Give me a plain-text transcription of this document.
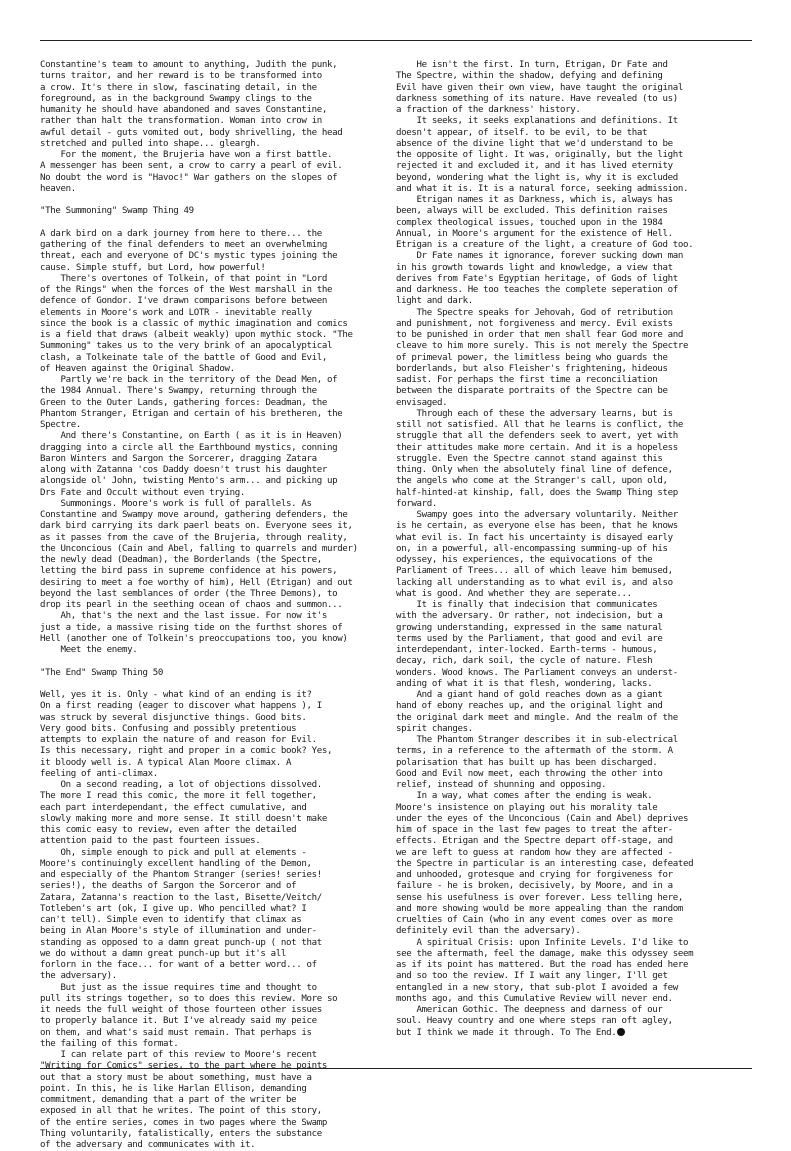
Constantine's team to amount to anything, Judith the punk,
turns traitor, and her reward is to be transformed into
a crow. It's there in slow, fascinating detail, in the
foreground, as in the background Swampy clings to the
humanity he should have abandoned and saves Constantine,
rather than halt the transformation. Woman into crow in
awful detail - guts vomited out, body shrivelling, the head
stretched and pulled into shape... gleargh.

For the moment, the Brujeria have won a first battle.
A messenger has been sent, a crow to carry a pearl of evil.
No doubt the word is "Havoc!" War gathers on the slopes of
heaven.

"The Summoning" Swamp Thing 49

A dark bird on a dark journey from here to there... the
gathering of the final defenders to meet an overwhelming
threat, each and everyone of DC's mystic types joining the
cause. Simple stuff, but Lord, how powerful!

There's overtones of Tolkein, of that point in "Lord
of the Rings" when the forces of the West marshall in the
defence of Gondor. I've drawn comparisons before between
elements in Moore's work and LOTR - inevitable really
since the book is a classic of mythic imagination and comics
is a field that draws (albeit weakly) upon mythic stock. "The
Summoning" takes us to the very brink of an apocalyptical
clash, a Tolkeinate tale of the battle of Good and Evil,
of Heaven against the Original Shadow.

Partly we're back in the territory of the Dead Men, of
the 1984 Annual. There's Swampy, returning through the
Green to the Outer Lands, gathering forces: Deadman, the
Phantom Stranger, Etrigan and certain of his bretheren, the
Spectre.

And there's Constantine, on Earth ( as it is in Heaven)
dragging into a circle all the Earthbound mystics, conning
Baron Winters and Sargon the Sorcerer, dragging Zatara
along with Zatanna 'cos Daddy doesn't trust his daughter
alongside ol' John, twisting Mento's arm... and picking up
Drs Fate and Occult without even trying.

Summonings. Moore's work is full of parallels. As
Constantine and Swampy move around, gathering defenders, the
dark bird carrying its dark paerl beats on. Everyone sees it,
as it passes from the cave of the Brujeria, through reality,
the Unconcious (Cain and Abel, falling to quarrels and murder)
the newly dead (Deadman), the Borderlands (the Spectre,
letting the bird pass in supreme confidence at his powers,
desiring to meet a foe worthy of him), Hell (Etrigan) and out
beyond the last semblances of order (the Three Demons), to
drop its pearl in the seething ocean of chaos and summon...

Ah, that's the next and the last issue. For now it's
just a tide, a massive rising tide on the furthst shores of
Hell (another one of Tolkein's preoccupations too, you know)
Meet the enemy.

"The End" Swamp Thing 50

Well, yes it is. Only - what kind of an ending is it?
On a first reading (eager to discover what happens ), I
was struck by several disjunctive things. Good bits.
Very good bits. Confusing and possibly pretentious
attempts to explain the nature of and reason for Evil.
Is this necessary, right and proper in a comic book? Yes,
it bloody well is. A typical Alan Moore climax. A
feeling of anti-climax.

On a second reading, a lot of objections dissolved.
The more I read this comic, the more it fell together,
each part interdependant, the effect cumulative, and
slowly making more and more sense. It still doesn't make
this comic easy to review, even after the detailed
attention paid to the past fourteen issues.

Oh, simple enough to pick and pull at elements -
Moore's continuingly excellent handling of the Demon,
and especially of the Phantom Stranger (series! series!
series!), the deaths of Sargon the Sorceror and of
Zatara, Zatanna's reaction to the last, Bisette/Veitch/
Totleben's art (ok, I give up. Who pencilled what? I
can't tell). Simple even to identify that climax as
being in Alan Moore's style of illumination and under-
standing as opposed to a damn great punch-up ( not that
we do without a damn great punch-up but it's all
forlorn in the face... for want of a better word... of
the adversary).

But just as the issue requires time and thought to
pull its strings together, so to does this review. More so
it needs the full weight of those fourteen other issues
to properly balance it. But I've already said my peice
on them, and what's said must remain. That perhaps is
the failing of this format.

I can relate part of this review to Moore's recent
"Writing for Comics" series, to the part where he points
out that a story must be about something, must have a
point. In this, he is like Harlan Ellison, demanding
commitment, demanding that a part of the writer be
exposed in all that he writes. The point of this story,
of the entire series, comes in two pages where the Swamp
Thing voluntarily, fatalistically, enters the substance
of the adversary and communicates with it.

He isn't the first. In turn, Etrigan, Dr Fate and
The Spectre, within the shadow, defying and defining
Evil have given their own view, have taught the original
darkness something of its nature. Have revealed (to us)
a fraction of the darkness' history.

It seeks, it seeks explanations and definitions. It
doesn't appear, of itself. to be evil, to be that
absence of the divine light that we'd understand to be
the opposite of light. It was, originally, but the light
rejected it and excluded it, and it has lived eternity
beyond, wondering what the light is, why it is excluded
and what it is. It is a natural force, seeking admission.

Etrigan names it as Darkness, which is, always has
been, always will be excluded. This definition raises
complex theological issues, touched upon in the 1984
Annual, in Moore's argument for the existence of Hell.
Etrigan is a creature of the light, a creature of God too.

Dr Fate names it ignorance, forever sucking down man
in his growth towards light and knowledge, a view that
derives from Fate's Egyptian heritage, of Gods of light
and darkness. He too teaches the complete seperation of
light and dark.

The Spectre speaks for Jehovah, God of retribution
and punishment, not forgiveness and mercy. Evil exists
to be punished in order that men shall fear God more and
cleave to him more surely. This is not merely the Spectre
of primeval power, the limitless being who guards the
borderlands, but also Fleisher's frightening, hideous
sadist. For perhaps the first time a reconciliation
between the disparate portraits of the Spectre can be
envisaged.

Through each of these the adversary learns, but is
still not satisfied. All that he learns is conflict, the
struggle that all the defenders seek to avert, yet with
their attitudes make more certain. And it is a hopeless
struggle. Even the Spectre cannot stand against this
thing. Only when the absolutely final line of defence,
the angels who come at the Stranger's call, upon old,
half-hinted-at kinship, fall, does the Swamp Thing step
forward.

Swampy goes into the adversary voluntarily. Neither
is he certain, as everyone else has been, that he knows
what evil is. In fact his uncertainty is disayed early
on, in a powerful, all-encompassing summing-up of his
odyssey, his experiences, the equivocations of the
Parliament of Trees... all of which leave him bemused,
lacking all understanding as to what evil is, and also
what is good. And whether they are seperate...

It is finally that indecision that communicates
with the adversary. Or rather, not indecision, but a
growing understanding, expressed in the same natural
terms used by the Parliament, that good and evil are
interdependant, inter-locked. Earth-terms - humous,
decay, rich, dark soil, the cycle of nature. Flesh
wonders. Wood knows. The Parliament conveys an underst-
anding of what it is that flesh, wondering, lacks.

And a giant hand of gold reaches down as a giant
hand of ebony reaches up, and the original light and
the original dark meet and mingle. And the realm of the
spirit changes.

The Phantom Stranger describes it in sub-electrical
terms, in a reference to the aftermath of the storm. A
polarisation that has built up has been discharged.
Good and Evil now meet, each throwing the other into
relief, instead of shunning and opposing.

In a way, what comes after the ending is weak.
Moore's insistence on playing out his morality tale
under the eyes of the Unconcious (Cain and Abel) deprives
him of space in the last few pages to treat the after-
effects. Etrigan and the Spectre depart off-stage, and
we are left to guess at random how they are affected -
the Spectre in particular is an interesting case, defeated
and unhooded, grotesque and crying for forgiveness for
failure - he is broken, decisively, by Moore, and in a
sense his usefulness is over forever. Less telling here,
and more showing would be more appealing than the random
cruelties of Cain (who in any event comes over as more
definitely evil than the adversary).

A spiritual Crisis: upon Infinite Levels. I'd like to
see the aftermath, feel the damage, make this odyssey seem
as if its point has mattered. But the road has ended here
and so too the review. If I wait any linger, I'll get
entangled in a new story, that sub-plot I avoided a few
months ago, and this Cumulative Review will never end.

American Gothic. The deepness and darness of our
soul. Heavy country and one where steps ran oft agley,
but I think we made it through. To The End.
